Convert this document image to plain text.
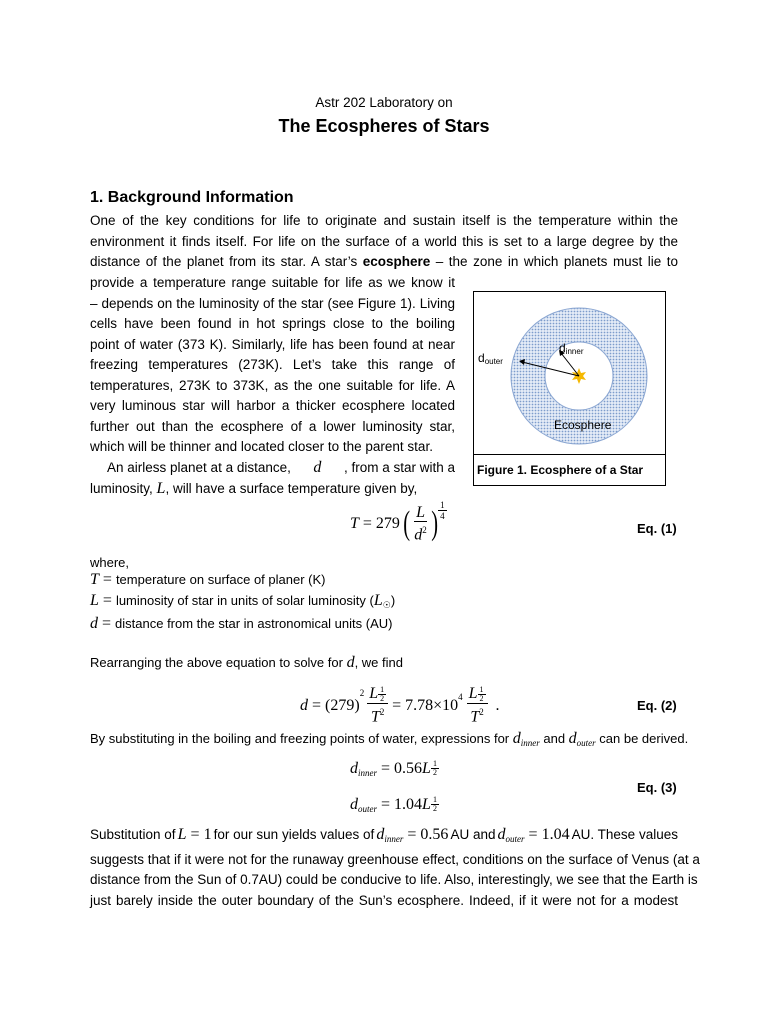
Astr 202 Laboratory on
The Ecospheres of Stars
1. Background Information
One of the key conditions for life to originate and sustain itself is the temperature within the
environment it finds itself. For life on the surface of a world this is set to a large degree by the
distance of the planet from its star. A star’s ecosphere – the zone in which planets must lie to
provide a temperature range suitable for life as we know it
– depends on the luminosity of the star (see Figure 1). Living
cells have been found in hot springs close to the boiling
point of water (373 K). Similarly, life has been found at near
freezing temperatures (273K). Let’s take this range of
temperatures, 273K to 373K, as the one suitable for life. A
very luminous star will harbor a thicker ecosphere located
further out than the ecosphere of a lower luminosity star,
which will be thinner and located closer to the parent star.
An airless planet at a distance, d , from a star with a
luminosity, L, will have a surface temperature given by,
douter
dinner
Ecosphere
Figure 1. Ecosphere of a Star
T = 279 ( $\frac{L}{d^2}$ ) $\frac{1}{4}$
Eq. (1)
where,
T = temperature on surface of planer (K)
L = luminosity of star in units of solar luminosity $(L_☉)$
d = distance from the star in astronomical units (AU)
Rearranging the above equation to solve for d, we find
d = (279)
$^2 \frac{L \frac{1}{2}}{T^2} = 7.78\times 10^4 \frac{L \frac{1}{2}}{T^2}$ .	Eq. (2)
By substituting in the boiling and freezing points of water, expressions for $d_{inner}$ and $d_{outer}$ can be derived.
$d_{inner} = 0.56L \frac{1}{2}$
$d_{outer} = 1.04L \frac{1}{2}$
Eq. (3)
Substitution of L = 1 for our sun yields values of $d_{inner} = 0.56$ AU and $d_{outer} = 1.04$ AU. These values
suggests that if it were not for the runaway greenhouse effect, conditions on the surface of Venus (at a
distance from the Sun of 0.7AU) could be conducive to life. Also, interestingly, we see that the Earth is
just barely inside the outer boundary of the Sun’s ecosphere. Indeed, if it were not for a modest
